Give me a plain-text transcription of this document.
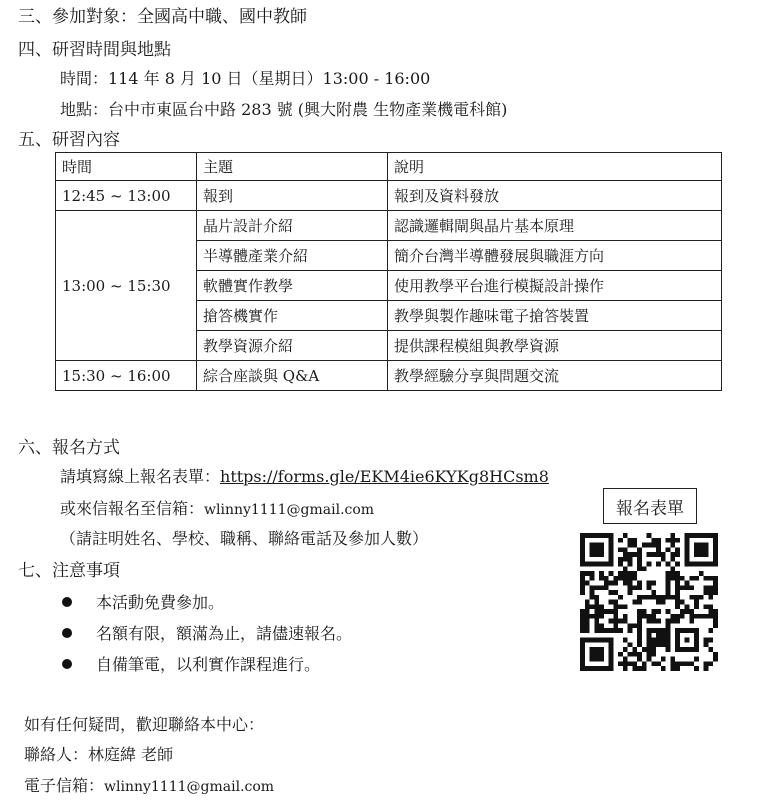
三、參加對象：全國高中職、國中教師
四、研習時間與地點
時間：114 年 8 月 10 日（星期日）13:00 - 16:00
地點：台中市東區台中路 283 號 (興大附農 生物產業機電科館)
五、研習內容
時間	主題	說明
12:45 ~ 13:00	報到	報到及資料發放
13:00 ~ 15:30	晶片設計介紹	認識邏輯閘與晶片基本原理
	半導體產業介紹	簡介台灣半導體發展與職涯方向
	軟體實作教學	使用教學平台進行模擬設計操作
	搶答機實作	教學與製作趣味電子搶答裝置
	教學資源介紹	提供課程模組與教學資源
15:30 ~ 16:00	綜合座談與 Q&A	教學經驗分享與問題交流
六、報名方式
請填寫線上報名表單：https://forms.gle/EKM4ie6KYKg8HCsm8
或來信報名至信箱：wlinny1111@gmail.com
（請註明姓名、學校、職稱、聯絡電話及參加人數）
七、注意事項
本活動免費參加。
名額有限，額滿為止，請儘速報名。
自備筆電，以利實作課程進行。
報名表單
如有任何疑問，歡迎聯絡本中心：
聯絡人：林庭緯 老師
電子信箱：wlinny1111@gmail.com
